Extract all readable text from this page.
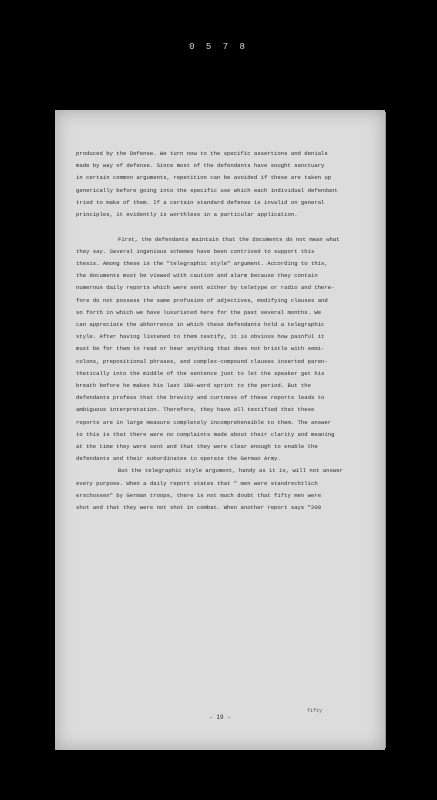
0 5 7 8
produced by the Defense. We turn now to the specific assertions and denials
made by way of defense. Since most of the defendants have sought sanctuary
in certain common arguments, repetition can be avoided if these are taken up
generically before going into the specific use which each individual defendant
tried to make of them. If a certain standard defense is invalid on general
principles, it evidently is worthless in a particular application.
First, the defendants maintain that the documents do not mean what
they say. Several ingenious schemes have been contrived to support this
thesis. Among these is the "telegraphic style" argument. According to this,
the documents must be viewed with caution and alarm because they contain
numerous daily reports which were sent either by teletype or radio and there-
fore do not possess the same profusion of adjectives, modifying clauses and
so forth in which we have luxuriated here for the past several months. We
can appreciate the abhorrence in which these defendants hold a telegraphic
style. After having listened to them testify, it is obvious how painful it
must be for them to read or hear anything that does not bristle with semi-
colons, prepositional phrases, and complex-compound clauses inserted paren-
thetically into the middle of the sentence just to let the speaker get his
breath before he makes his last 100-word sprint to the period. But the
defendants profess that the brevity and curtness of these reports leads to
ambiguous interpretation. Therefore, they have all testified that these
reports are in large measure completely incomprehensible to them. The answer
to this is that there were no complaints made about their clarity and meaning
at the time they were sent and that they were clear enough to enable the
defendants and their subordinates to operate the German Army.
But the telegraphic style argument, handy as it is, will not answer
every purpose. When a daily report states that " men were standrechtlich
erschossen" by German troops, there is not much doubt that fifty men were
shot and that they were not shot in combat. When another report says "200
fifty
- 19 -
